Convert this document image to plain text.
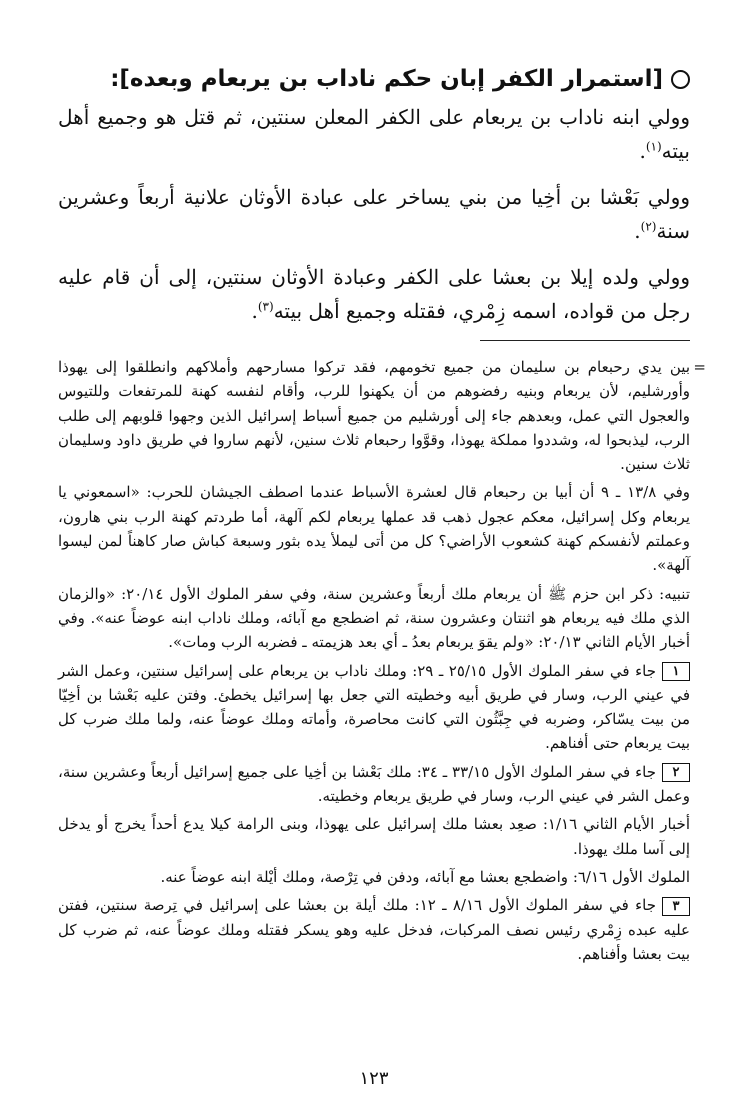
[استمرار الكفر إبان حكم ناداب بن يربعام وبعده]:

وولي ابنه ناداب بن يربعام على الكفر المعلن سنتين، ثم قتل هو وجميع أهل بيته$^{(١)}$.

وولي بَعْشا بن أخِيا من بني يساخر على عبادة الأوثان علانية أربعاً وعشرين سنة$^{(٢)}$.

وولي ولده إيلا بن بعشا على الكفر وعبادة الأوثان سنتين، إلى أن قام عليه رجل من قواده، اسمه زِمْري، فقتله وجميع أهل بيته$^{(٣)}$.

=
بين يدي رحبعام بن سليمان من جميع تخومهم، فقد تركوا مسارحهم وأملاكهم وانطلقوا إلى يهوذا وأورشليم، لأن يربعام وبنيه رفضوهم من أن يكهنوا للرب، وأقام لنفسه كهنة للمرتفعات وللتيوس والعجول التي عمل، وبعدهم جاء إلى أورشليم من جميع أسباط إسرائيل الذين وجهوا قلوبهم إلى طلب الرب، ليذبحوا له، وشددوا مملكة يهوذا، وقوَّوا رحبعام ثلاث سنين، لأنهم ساروا في طريق داود وسليمان ثلاث سنين.

وفي ١٣/٨ ـ ٩ أن أبيا بن رحبعام قال لعشرة الأسباط عندما اصطف الجيشان للحرب: «اسمعوني يا يربعام وكل إسرائيل، معكم عجول ذهب قد عملها يربعام لكم آلهة، أما طردتم كهنة الرب بني هارون، وعملتم لأنفسكم كهنة كشعوب الأراضي؟ كل من أتى ليملأ يده بثور وسبعة كباش صار كاهناً لمن ليسوا آلهة».

تنبيه: ذكر ابن حزم ﷺ أن يربعام ملك أربعاً وعشرين سنة، وفي سفر الملوك الأول ٢٠/١٤: «والزمان الذي ملك فيه يربعام هو اثنتان وعشرون سنة، ثم اضطجع مع آبائه، وملك ناداب ابنه عوضاً عنه». وفي أخبار الأيام الثاني ٢٠/١٣: «ولم يقوَ يربعام بعدُ ـ أي بعد هزيمته ـ فضربه الرب ومات».

١جاء في سفر الملوك الأول ٢٥/١٥ ـ ٢٩: وملك ناداب بن يربعام على إسرائيل سنتين، وعمل الشر في عيني الرب، وسار في طريق أبيه وخطيته التي جعل بها إسرائيل يخطئ. وفتن عليه بَعْشا بن أخِيّا من بيت يسّاكر، وضربه في جِبَّثُون التي كانت محاصرة، وأماته وملك عوضاً عنه، ولما ملك ضرب كل بيت يربعام حتى أفناهم.

٢جاء في سفر الملوك الأول ٣٣/١٥ ـ ٣٤: ملك بَعْشا بن أخِيا على جميع إسرائيل أربعاً وعشرين سنة، وعمل الشر في عيني الرب، وسار في طريق يربعام وخطيته.

أخبار الأيام الثاني ١/١٦: صعِد بعشا ملك إسرائيل على يهوذا، وبنى الرامة كيلا يدع أحداً يخرج أو يدخل إلى آسا ملك يهوذا.

الملوك الأول ٦/١٦: واضطجع بعشا مع آبائه، ودفن في تِرْصة، وملك أيْلة ابنه عوضاً عنه.

٣جاء في سفر الملوك الأول ٨/١٦ ـ ١٢: ملك أيلة بن بعشا على إسرائيل في تِرصة سنتين، ففتن عليه عبده زِمْري رئيس نصف المركبات، فدخل عليه وهو يسكر فقتله وملك عوضاً عنه، ثم ضرب كل بيت بعشا وأفناهم.

١٢٣
